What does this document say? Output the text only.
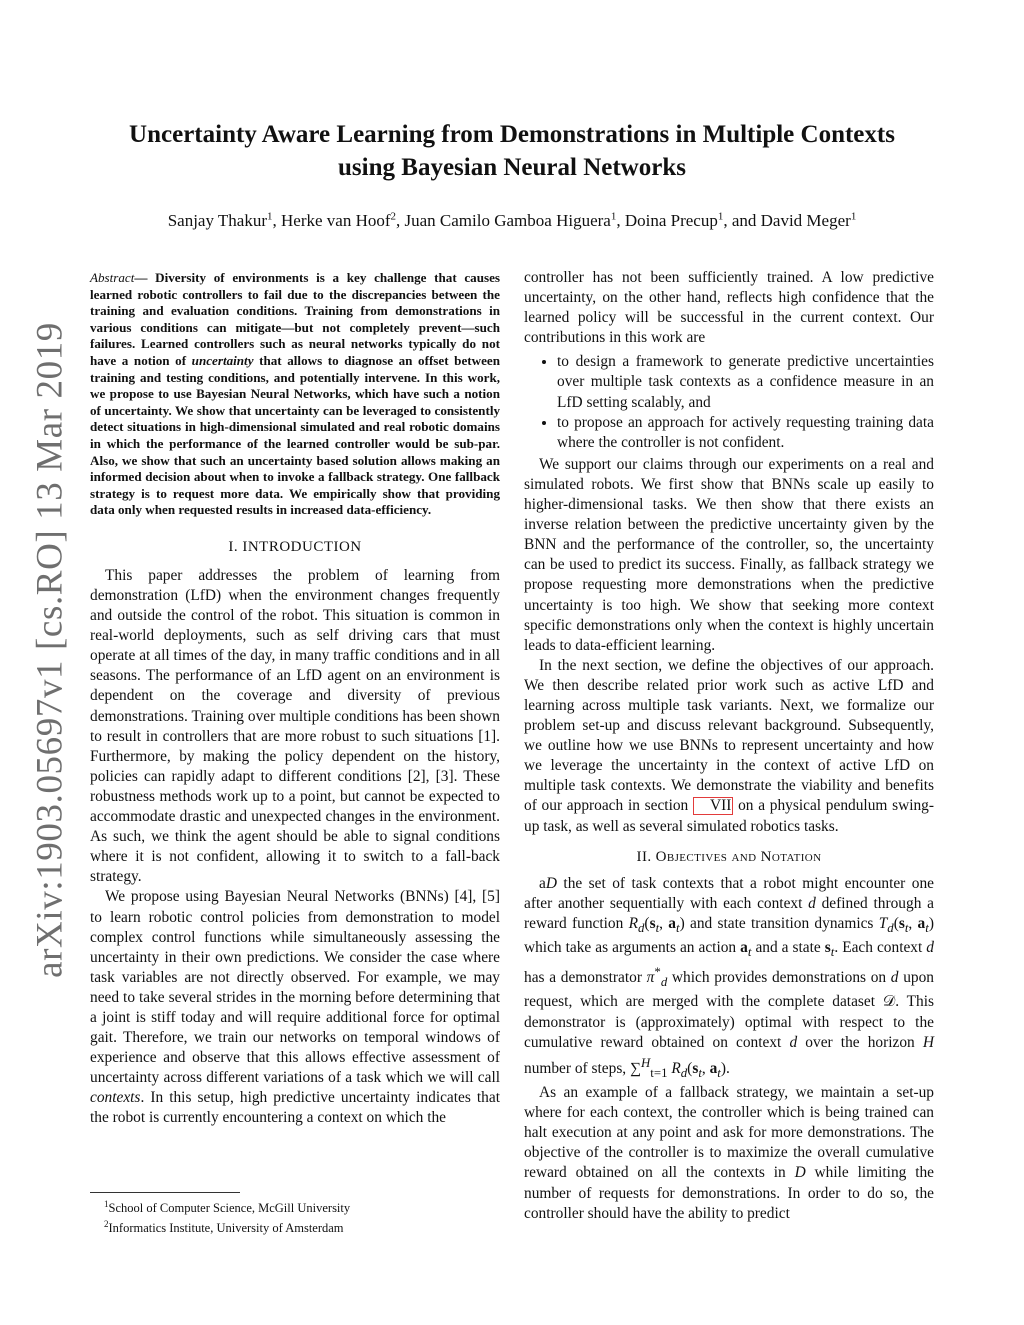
arXiv:1903.05697v1 [cs.RO] 13 Mar 2019
Uncertainty Aware Learning from Demonstrations in Multiple Contexts
using Bayesian Neural Networks
Sanjay Thakur$^1$, Herke van Hoof$^2$, Juan Camilo Gamboa Higuera$^1$, Doina Precup$^1$, and David Meger$^1$
Abstract— Diversity of environments is a key challenge that causes learned robotic controllers to fail due to the discrepancies between the training and evaluation conditions. Training from demonstrations in various conditions can mitigate—but not completely prevent—such failures. Learned controllers such as neural networks typically do not have a notion of uncertainty that allows to diagnose an offset between training and testing conditions, and potentially intervene. In this work, we propose to use Bayesian Neural Networks, which have such a notion of uncertainty. We show that uncertainty can be leveraged to consistently detect situations in high-dimensional simulated and real robotic domains in which the performance of the learned controller would be sub-par. Also, we show that such an uncertainty based solution allows making an informed decision about when to invoke a fallback strategy. One fallback strategy is to request more data. We empirically show that providing data only when requested results in increased data-efficiency.
I. INTRODUCTION

This paper addresses the problem of learning from demonstration (LfD) when the environment changes frequently and outside the control of the robot. This situation is common in real-world deployments, such as self driving cars that must operate at all times of the day, in many traffic conditions and in all seasons. The performance of an LfD agent on an environment is dependent on the coverage and diversity of previous demonstrations. Training over multiple conditions has been shown to result in controllers that are more robust to such situations [1]. Furthermore, by making the policy dependent on the history, policies can rapidly adapt to different conditions [2], [3]. These robustness methods work up to a point, but cannot be expected to accommodate drastic and unexpected changes in the environment. As such, we think the agent should be able to signal conditions where it is not confident, allowing it to switch to a fall-back strategy.

We propose using Bayesian Neural Networks (BNNs) [4], [5] to learn robotic control policies from demonstration to model complex control functions while simultaneously assessing the uncertainty in their own predictions. We consider the case where task variables are not directly observed. For example, we may need to take several strides in the morning before determining that a joint is stiff today and will require additional force for optimal gait. Therefore, we train our networks on temporal windows of experience and observe that this allows effective assessment of uncertainty across different variations of a task which we will call contexts. In this setup, high predictive uncertainty indicates that the robot is currently encountering a context on which the

$^1$School of Computer Science, McGill University
$^2$Informatics Institute, University of Amsterdam

controller has not been sufficiently trained. A low predictive uncertainty, on the other hand, reflects high confidence that the learned policy will be successful in the current context. Our contributions in this work are

• to design a framework to generate predictive uncertainties over multiple task contexts as a confidence measure in an LfD setting scalably, and
• to propose an approach for actively requesting training data where the controller is not confident.

We support our claims through our experiments on a real and simulated robots. We first show that BNNs scale up easily to higher-dimensional tasks. We then show that there exists an inverse relation between the predictive uncertainty given by the BNN and the performance of the controller, so, the uncertainty can be used to predict its success. Finally, as fallback strategy we propose requesting more demonstrations when the predictive uncertainty is too high. We show that seeking more context specific demonstrations only when the context is highly uncertain leads to data-efficient learning.

In the next section, we define the objectives of our approach. We then describe related prior work such as active LfD and learning across multiple task variants. Next, we formalize our problem set-up and discuss relevant background. Subsequently, we outline how we use BNNs to represent uncertainty and how we leverage the uncertainty in the context of active LfD on multiple task contexts. We demonstrate the viability and benefits of our approach in section VII on a physical pendulum swing-up task, as well as several simulated robotics tasks.

II. Objectives and Notation

aD the set of task contexts that a robot might encounter one after another sequentially with each context d defined through a reward function $R_d(s_t$, $a_t$) and state transition dynamics $T_d(s_t$, $a_t$) which take as arguments an action $a_t$ and a state $s_t$. Each context d has a demonstrator $\pi^*_d$ which provides demonstrations on d upon request, which are merged with the complete dataset 𝒟. This demonstrator is (approximately) optimal with respect to the cumulative reward obtained on context d over the horizon H number of steps, ∑$^H_{t=1}$ $R_d(s_t$, $a_t$).

As an example of a fallback strategy, we maintain a set-up where for each context, the controller which is being trained can halt execution at any point and ask for more demonstrations. The objective of the controller is to maximize the overall cumulative reward obtained on all the contexts in D while limiting the number of requests for demonstrations. In order to do so, the controller should have the ability to predict
